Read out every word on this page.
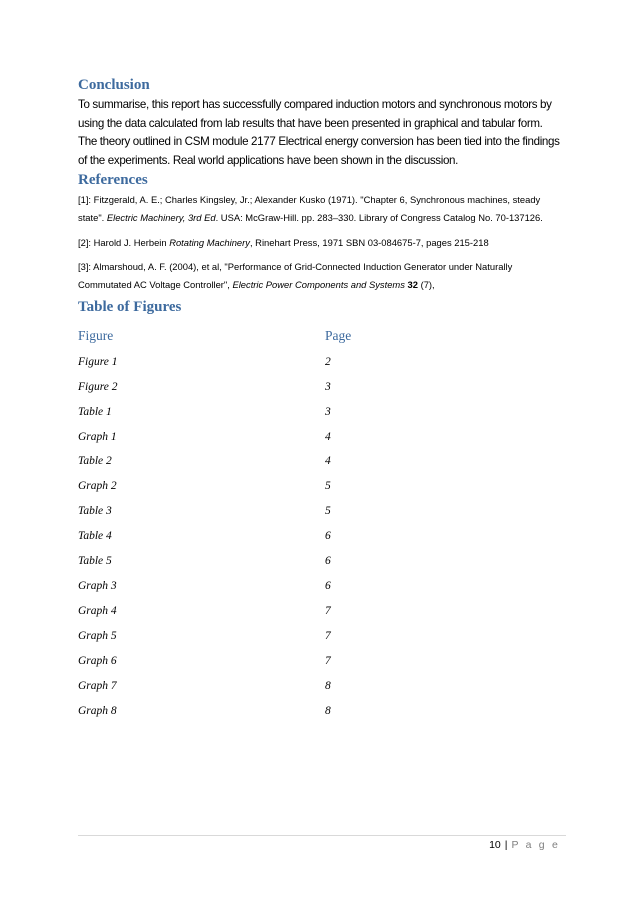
Conclusion
To summarise, this report has successfully compared induction motors and synchronous motors by
using the data calculated from lab results that have been presented in graphical and tabular form.
The theory outlined in CSM module 2177 Electrical energy conversion has been tied into the findings
of the experiments. Real world applications have been shown in the discussion.
References
[1]: Fitzgerald, A. E.; Charles Kingsley, Jr.; Alexander Kusko (1971). "Chapter 6, Synchronous machines, steady
state". Electric Machinery, 3rd Ed. USA: McGraw-Hill. pp. 283–330. Library of Congress Catalog No. 70-137126.
[2]: Harold J. Herbein Rotating Machinery, Rinehart Press, 1971 SBN 03-084675-7, pages 215-218
[3]: Almarshoud, A. F. (2004), et al, "Performance of Grid-Connected Induction Generator under Naturally
Commutated AC Voltage Controller", Electric Power Components and Systems 32 (7),
Table of Figures
Figure	Page
Figure 1	2
Figure 2	3
Table 1	3
Graph 1	4
Table 2	4
Graph 2	5
Table 3	5
Table 4	6
Table 5	6
Graph 3	6
Graph 4	7
Graph 5	7
Graph 6	7
Graph 7	8
Graph 8	8
10 | P a g e
